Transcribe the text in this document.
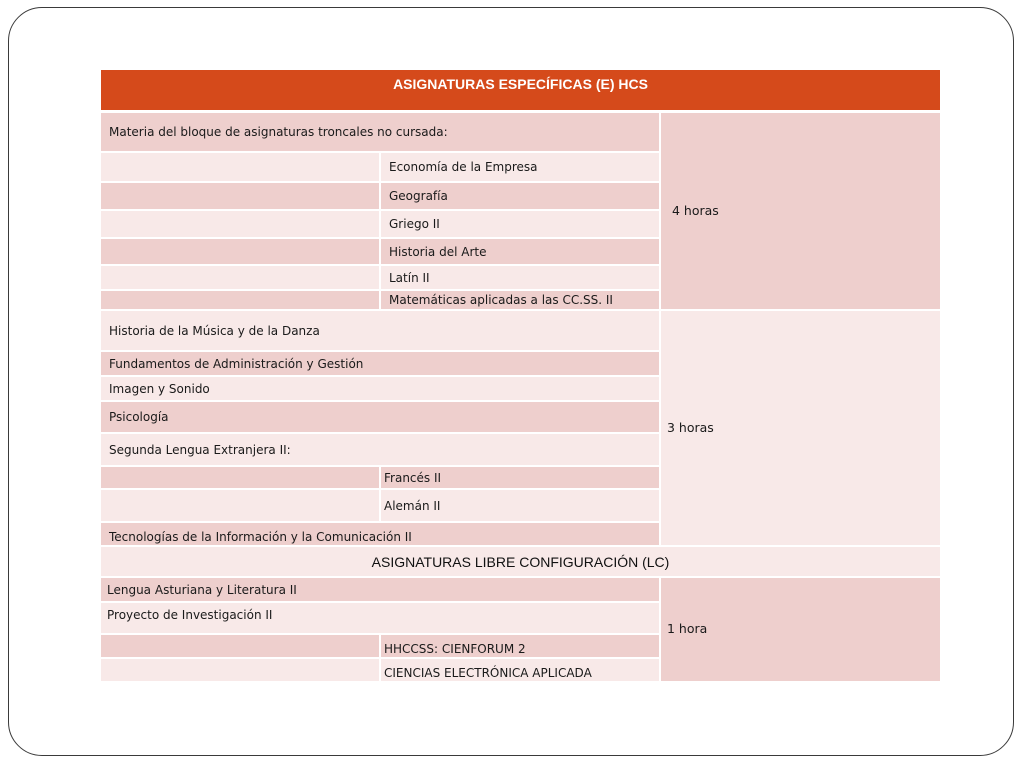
ASIGNATURAS ESPECÍFICAS (E) HCS
Materia del bloque de asignaturas troncales no cursada:
Economía de la Empresa
Geografía
Griego II
Historia del Arte
Latín II
Matemáticas aplicadas a las CC.SS. II
4 horas
Historia de la Música y de la Danza
Fundamentos de Administración y Gestión
Imagen y Sonido
Psicología
Segunda Lengua Extranjera II:
Francés II
Alemán II
Tecnologías de la Información y la Comunicación II
3 horas
ASIGNATURAS LIBRE CONFIGURACIÓN (LC)
Lengua Asturiana y Literatura II
Proyecto de Investigación II
HHCCSS: CIENFORUM 2
CIENCIAS ELECTRÓNICA APLICADA
1 hora
